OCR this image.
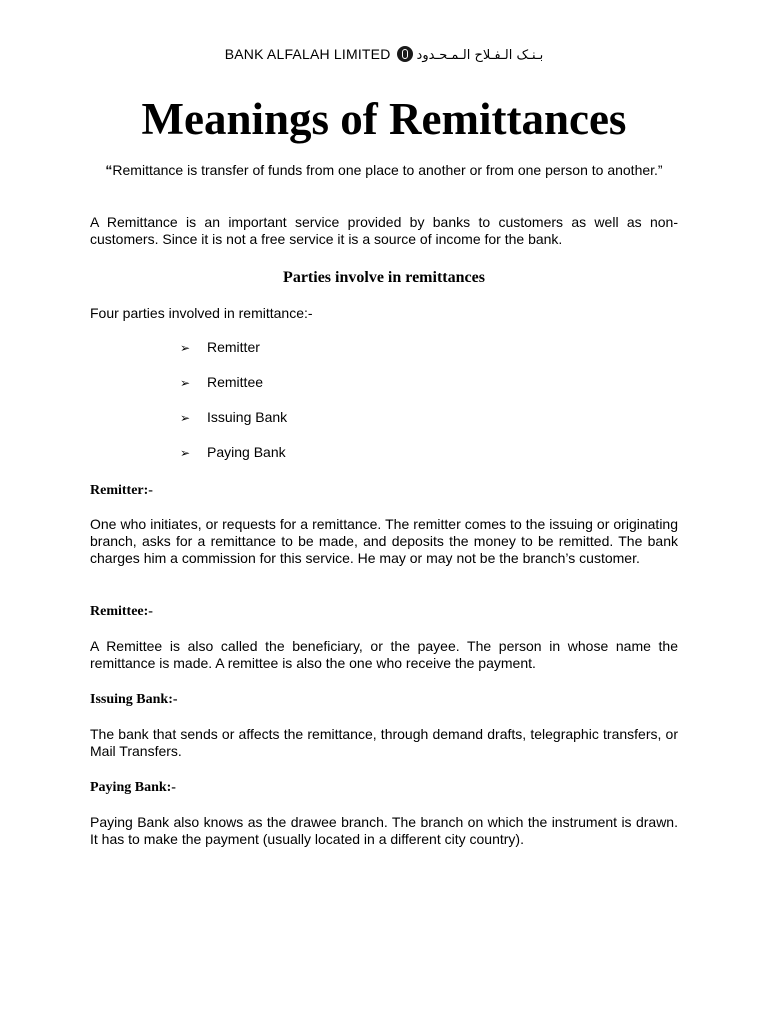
BANK ALFALAH LIMITED بـنـک الـفـلاح الـمـحـدود
Meanings of Remittances

“Remittance is transfer of funds from one place to another or from one person to another.”

A Remittance is an important service provided by banks to customers as well as non-customers. Since it is not a free service it is a source of income for the bank.

Parties involve in remittances

Four parties involved in remittance:-

➢ Remitter

➢ Remittee

➢ Issuing Bank

➢ Paying Bank

Remitter:-

One who initiates, or requests for a remittance. The remitter comes to the issuing or originating branch, asks for a remittance to be made, and deposits the money to be remitted. The bank charges him a commission for this service. He may or may not be the branch’s customer.

Remittee:-

A Remittee is also called the beneficiary, or the payee. The person in whose name the remittance is made. A remittee is also the one who receive the payment.

Issuing Bank:-

The bank that sends or affects the remittance, through demand drafts, telegraphic transfers, or Mail Transfers.

Paying Bank:-

Paying Bank also knows as the drawee branch. The branch on which the instrument is drawn. It has to make the payment (usually located in a different city country).
